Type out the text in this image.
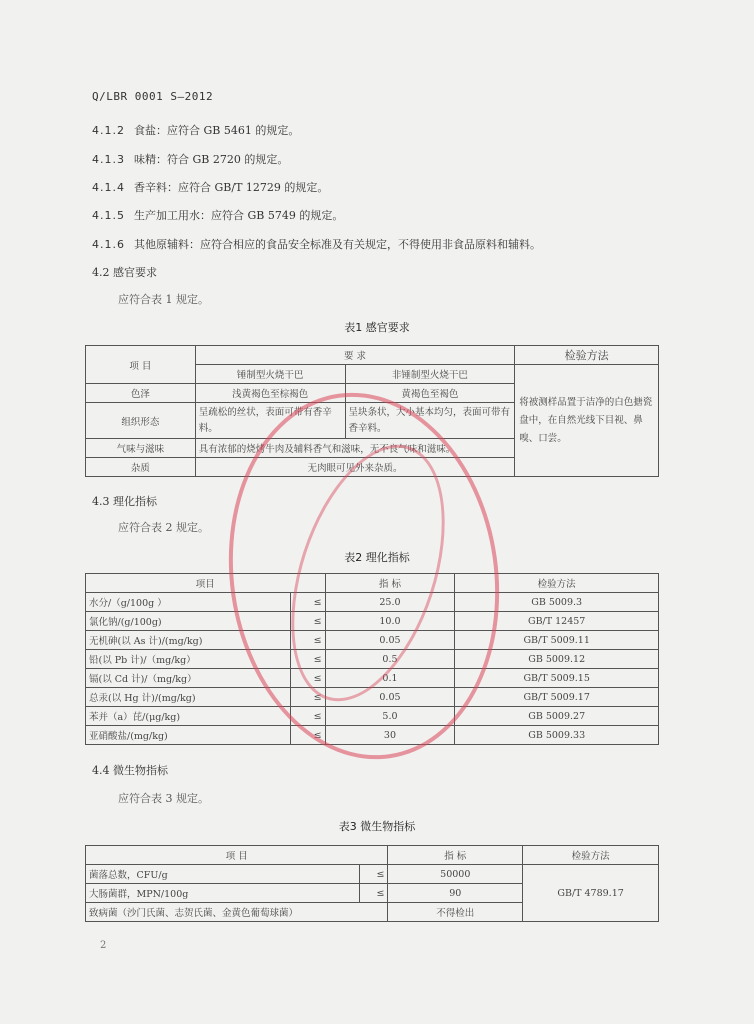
Q/LBR 0001 S—2012
4.1.2 食盐：应符合 GB 5461 的规定。
4.1.3 味精：符合 GB 2720 的规定。
4.1.4 香辛料：应符合 GB/T 12729 的规定。
4.1.5 生产加工用水：应符合 GB 5749 的规定。
4.1.6 其他原辅料：应符合相应的食品安全标准及有关规定，不得使用非食品原料和辅料。
4.2 感官要求
应符合表 1 规定。
表1 感官要求
项 目	要 求		检验方法
	锤制型火烧干巴	非锤制型火烧干巴	将被测样品置于洁净的白色搪瓷盘中，在自然光线下目视、鼻嗅、口尝。
色泽	浅黄褐色至棕褐色	黄褐色至褐色	
组织形态	呈疏松的丝状，表面可带有香辛料。	呈块条状，大小基本均匀，表面可带有香辛料。	
气味与滋味	具有浓郁的烧烤牛肉及辅料香气和滋味，无不良气味和滋味。		
杂质	无肉眼可见外来杂质。		
4.3 理化指标
应符合表 2 规定。
表2 理化指标
项目		指 标	检验方法
水分/（g/100g ）	≤	25.0	GB 5009.3
氯化钠/(g/100g)	≤	10.0	GB/T 12457
无机砷(以 As 计)/(mg/kg)	≤	0.05	GB/T 5009.11
铅(以 Pb 计)/（mg/kg）	≤	0.5	GB 5009.12
镉(以 Cd 计)/（mg/kg）	≤	0.1	GB/T 5009.15
总汞(以 Hg 计)/(mg/kg)	≤	0.05	GB/T 5009.17
苯并（a）芘/(μg/kg)	≤	5.0	GB 5009.27
亚硝酸盐/(mg/kg)	≤	30	GB 5009.33
4.4 微生物指标
应符合表 3 规定。
表3 微生物指标
项 目		指 标	检验方法
菌落总数，CFU/g	≤	50000	GB/T 4789.17
大肠菌群，MPN/100g	≤	90	
致病菌（沙门氏菌、志贺氏菌、金黄色葡萄球菌）		不得检出	
2
